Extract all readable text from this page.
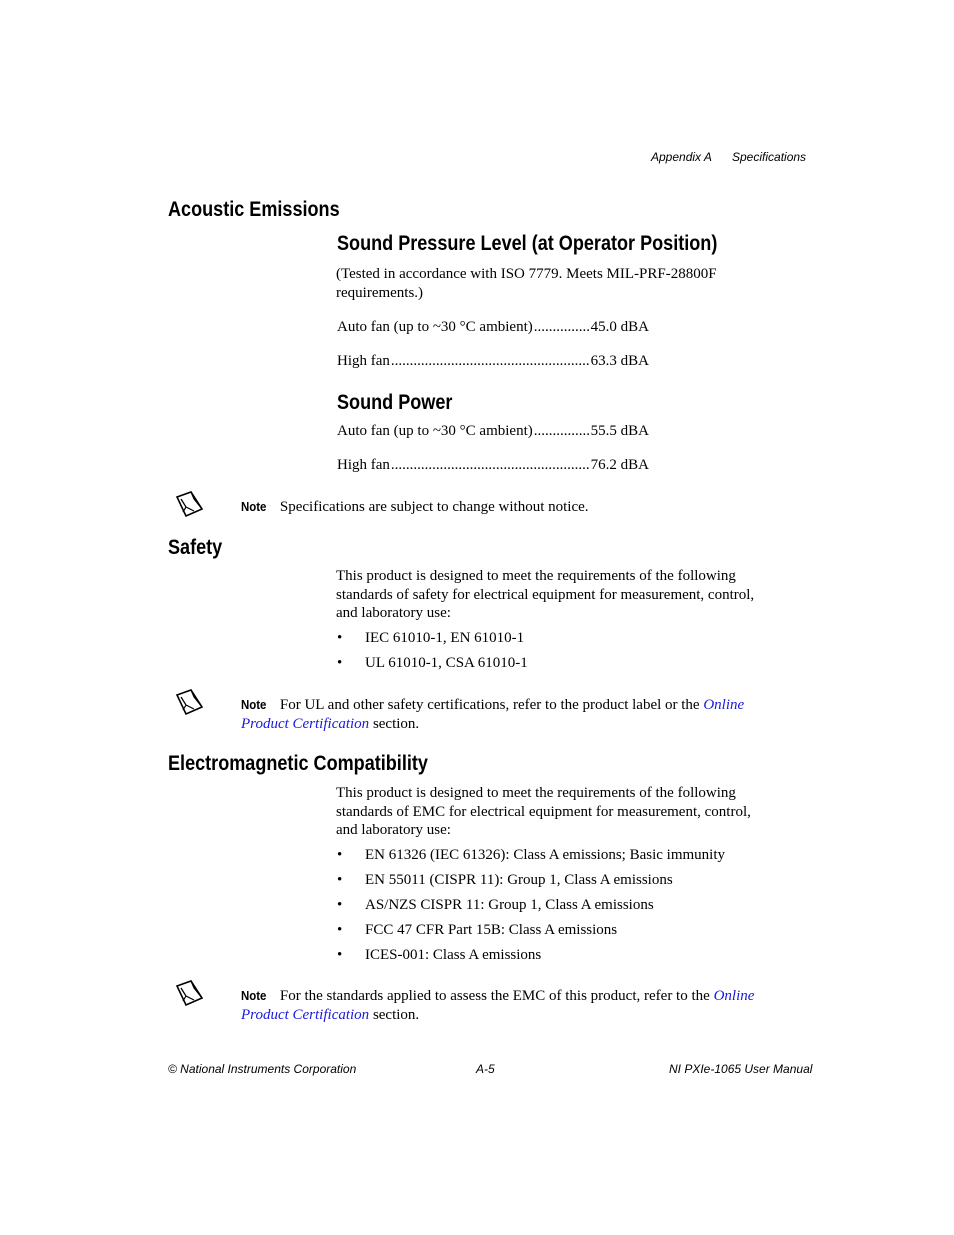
Appendix A Specifications
Acoustic Emissions
Sound Pressure Level (at Operator Position)
(Tested in accordance with ISO 7779. Meets MIL-PRF-28800F requirements.)
Auto fan (up to ~30 °C ambient) .....	45.0 dBA
High fan .....	63.3 dBA
Sound Power
Auto fan (up to ~30 °C ambient) .....	55.5 dBA
High fan .....	76.2 dBA
Note Specifications are subject to change without notice.
Safety
This product is designed to meet the requirements of the following standards of safety for electrical equipment for measurement, control, and laboratory use:
• IEC 61010-1, EN 61010-1
• UL 61010-1, CSA 61010-1
Note For UL and other safety certifications, refer to the product label or the Online Product Certification section.
Electromagnetic Compatibility
This product is designed to meet the requirements of the following standards of EMC for electrical equipment for measurement, control, and laboratory use:
• EN 61326 (IEC 61326): Class A emissions; Basic immunity
• EN 55011 (CISPR 11): Group 1, Class A emissions
• AS/NZS CISPR 11: Group 1, Class A emissions
• FCC 47 CFR Part 15B: Class A emissions
• ICES-001: Class A emissions
Note For the standards applied to assess the EMC of this product, refer to the Online Product Certification section.
© National Instruments Corporation	A-5	NI PXIe-1065 User Manual
